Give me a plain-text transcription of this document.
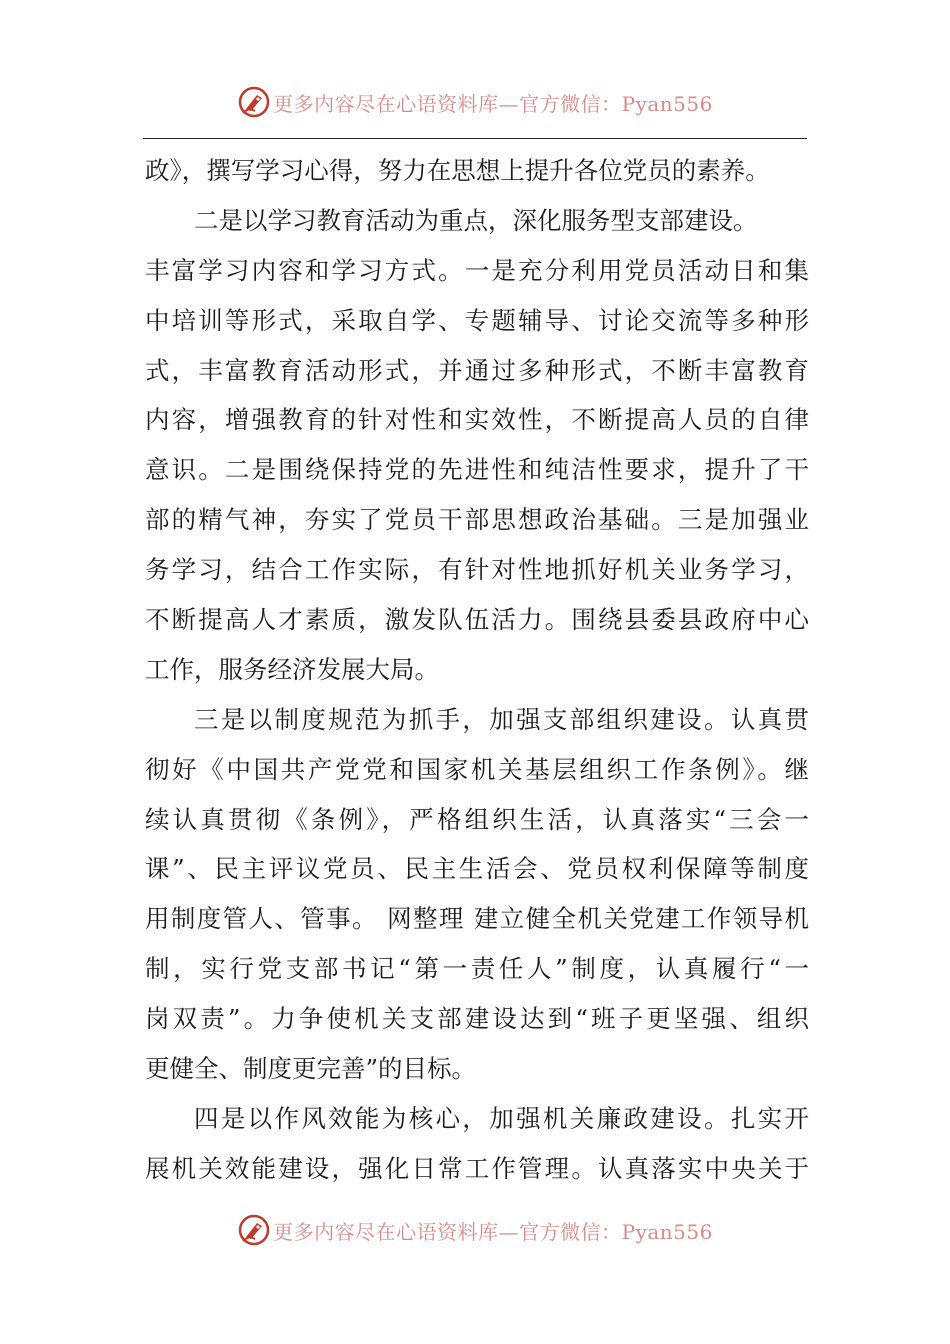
更多内容尽在心语资料库—官方微信：Pyan556
政》，撰写学习心得，努力在思想上提升各位党员的素养。
二是以学习教育活动为重点，深化服务型支部建设。
丰富学习内容和学习方式。一是充分利用党员活动日和集
中培训等形式，采取自学、专题辅导、讨论交流等多种形
式，丰富教育活动形式，并通过多种形式，不断丰富教育
内容，增强教育的针对性和实效性，不断提高人员的自律
意识。二是围绕保持党的先进性和纯洁性要求，提升了干
部的精气神，夯实了党员干部思想政治基础。三是加强业
务学习，结合工作实际，有针对性地抓好机关业务学习，
不断提高人才素质，激发队伍活力。围绕县委县政府中心
工作，服务经济发展大局。
三是以制度规范为抓手，加强支部组织建设。认真贯
彻好《中国共产党党和国家机关基层组织工作条例》。继
续认真贯彻《条例》，严格组织生活，认真落实“三会一
课”、民主评议党员、民主生活会、党员权利保障等制度
用制度管人、管事。 网整理 建立健全机关党建工作领导机
制，实行党支部书记“第一责任人”制度，认真履行“一
岗双责”。力争使机关支部建设达到“班子更坚强、组织
更健全、制度更完善”的目标。
四是以作风效能为核心，加强机关廉政建设。扎实开
展机关效能建设，强化日常工作管理。认真落实中央关于
更多内容尽在心语资料库—官方微信：Pyan556
